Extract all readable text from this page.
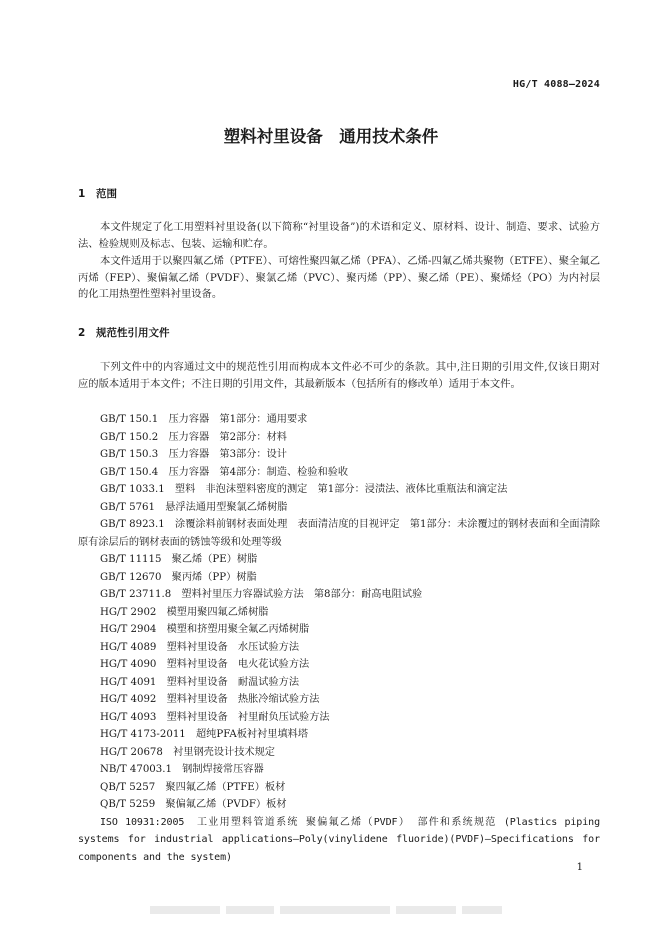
HG/T 4088—2024
塑料衬里设备　通用技术条件
1 范围

本文件规定了化工用塑料衬里设备(以下简称“衬里设备”)的术语和定义、原材料、设计、制造、要求、试验方法、检验规则及标志、包装、运输和贮存。

本文件适用于以聚四氟乙烯（PTFE）、可熔性聚四氟乙烯（PFA）、乙烯-四氟乙烯共聚物（ETFE）、聚全氟乙丙烯（FEP）、聚偏氟乙烯（PVDF）、聚氯乙烯（PVC）、聚丙烯（PP）、聚乙烯（PE）、聚烯烃（PO）为内衬层的化工用热塑性塑料衬里设备。

2 规范性引用文件

下列文件中的内容通过文中的规范性引用而构成本文件必不可少的条款。其中,注日期的引用文件,仅该日期对应的版本适用于本文件；不注日期的引用文件，其最新版本（包括所有的修改单）适用于本文件。

GB/T 150.1　压力容器　第1部分：通用要求
GB/T 150.2　压力容器　第2部分：材料
GB/T 150.3　压力容器　第3部分：设计
GB/T 150.4　压力容器　第4部分：制造、检验和验收
GB/T 1033.1　塑料　非泡沫塑料密度的测定　第1部分：浸渍法、液体比重瓶法和滴定法
GB/T 5761　悬浮法通用型聚氯乙烯树脂
GB/T 8923.1　涂覆涂料前钢材表面处理　表面清洁度的目视评定　第1部分：未涂覆过的钢材表面和全面清除原有涂层后的钢材表面的锈蚀等级和处理等级
GB/T 11115　聚乙烯（PE）树脂
GB/T 12670　聚丙烯（PP）树脂
GB/T 23711.8　塑料衬里压力容器试验方法　第8部分：耐高电阻试验
HG/T 2902　模塑用聚四氟乙烯树脂
HG/T 2904　模塑和挤塑用聚全氟乙丙烯树脂
HG/T 4089　塑料衬里设备　水压试验方法
HG/T 4090　塑料衬里设备　电火花试验方法
HG/T 4091　塑料衬里设备　耐温试验方法
HG/T 4092　塑料衬里设备　热胀冷缩试验方法
HG/T 4093　塑料衬里设备　衬里耐负压试验方法
HG/T 4173-2011　超纯PFA板衬衬里填料塔
HG/T 20678　衬里钢壳设计技术规定
NB/T 47003.1　钢制焊接常压容器
QB/T 5257　聚四氟乙烯（PTFE）板材
QB/T 5259　聚偏氟乙烯（PVDF）板材
ISO 10931:2005　工业用塑料管道系统 聚偏氟乙烯（PVDF） 部件和系统规范 (Plastics piping systems for industrial applications—Poly(vinylidene fluoride)(PVDF)—Specifications for components and the system)
1
